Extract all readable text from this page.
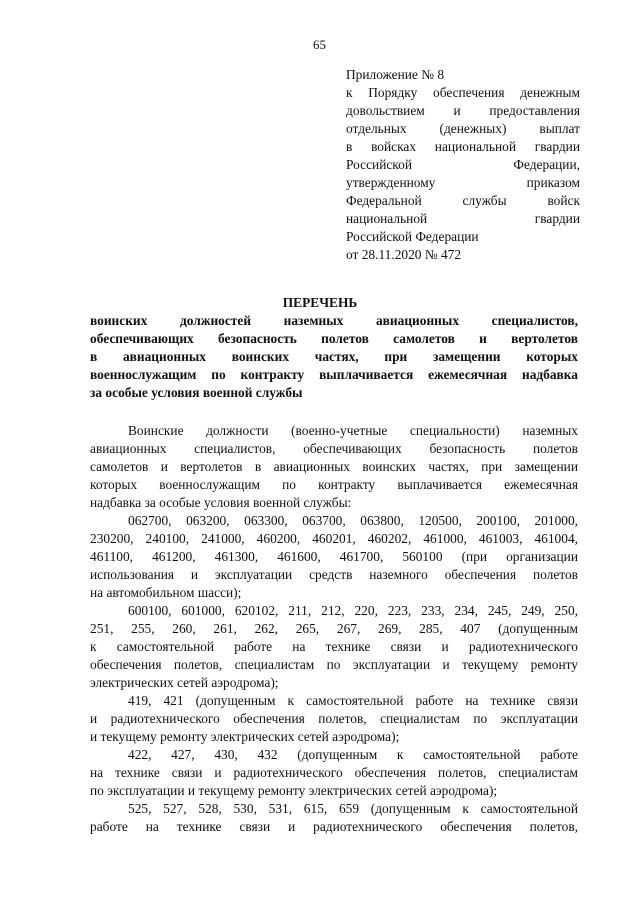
65
Приложение № 8
к Порядку обеспечения денежным
довольствием и предоставления
отдельных (денежных) выплат
в войсках национальной гвардии
Российской Федерации,
утвержденному приказом
Федеральной службы войск
национальной гвардии
Российской Федерации
от 28.11.2020 № 472
ПЕРЕЧЕНЬ
воинских должностей наземных авиационных специалистов,
обеспечивающих безопасность полетов самолетов и вертолетов
в авиационных воинских частях, при замещении которых
военнослужащим по контракту выплачивается ежемесячная надбавка
за особые условия военной службы
Воинские должности (военно-учетные специальности) наземных
авиационных специалистов, обеспечивающих безопасность полетов
самолетов и вертолетов в авиационных воинских частях, при замещении
которых военнослужащим по контракту выплачивается ежемесячная
надбавка за особые условия военной службы:
062700, 063200, 063300, 063700, 063800, 120500, 200100, 201000,
230200, 240100, 241000, 460200, 460201, 460202, 461000, 461003, 461004,
461100, 461200, 461300, 461600, 461700, 560100 (при организации
использования и эксплуатации средств наземного обеспечения полетов
на автомобильном шасси);
600100, 601000, 620102, 211, 212, 220, 223, 233, 234, 245, 249, 250,
251, 255, 260, 261, 262, 265, 267, 269, 285, 407 (допущенным
к самостоятельной работе на технике связи и радиотехнического
обеспечения полетов, специалистам по эксплуатации и текущему ремонту
электрических сетей аэродрома);
419, 421 (допущенным к самостоятельной работе на технике связи
и радиотехнического обеспечения полетов, специалистам по эксплуатации
и текущему ремонту электрических сетей аэродрома);
422, 427, 430, 432 (допущенным к самостоятельной работе
на технике связи и радиотехнического обеспечения полетов, специалистам
по эксплуатации и текущему ремонту электрических сетей аэродрома);
525, 527, 528, 530, 531, 615, 659 (допущенным к самостоятельной
работе на технике связи и радиотехнического обеспечения полетов,
